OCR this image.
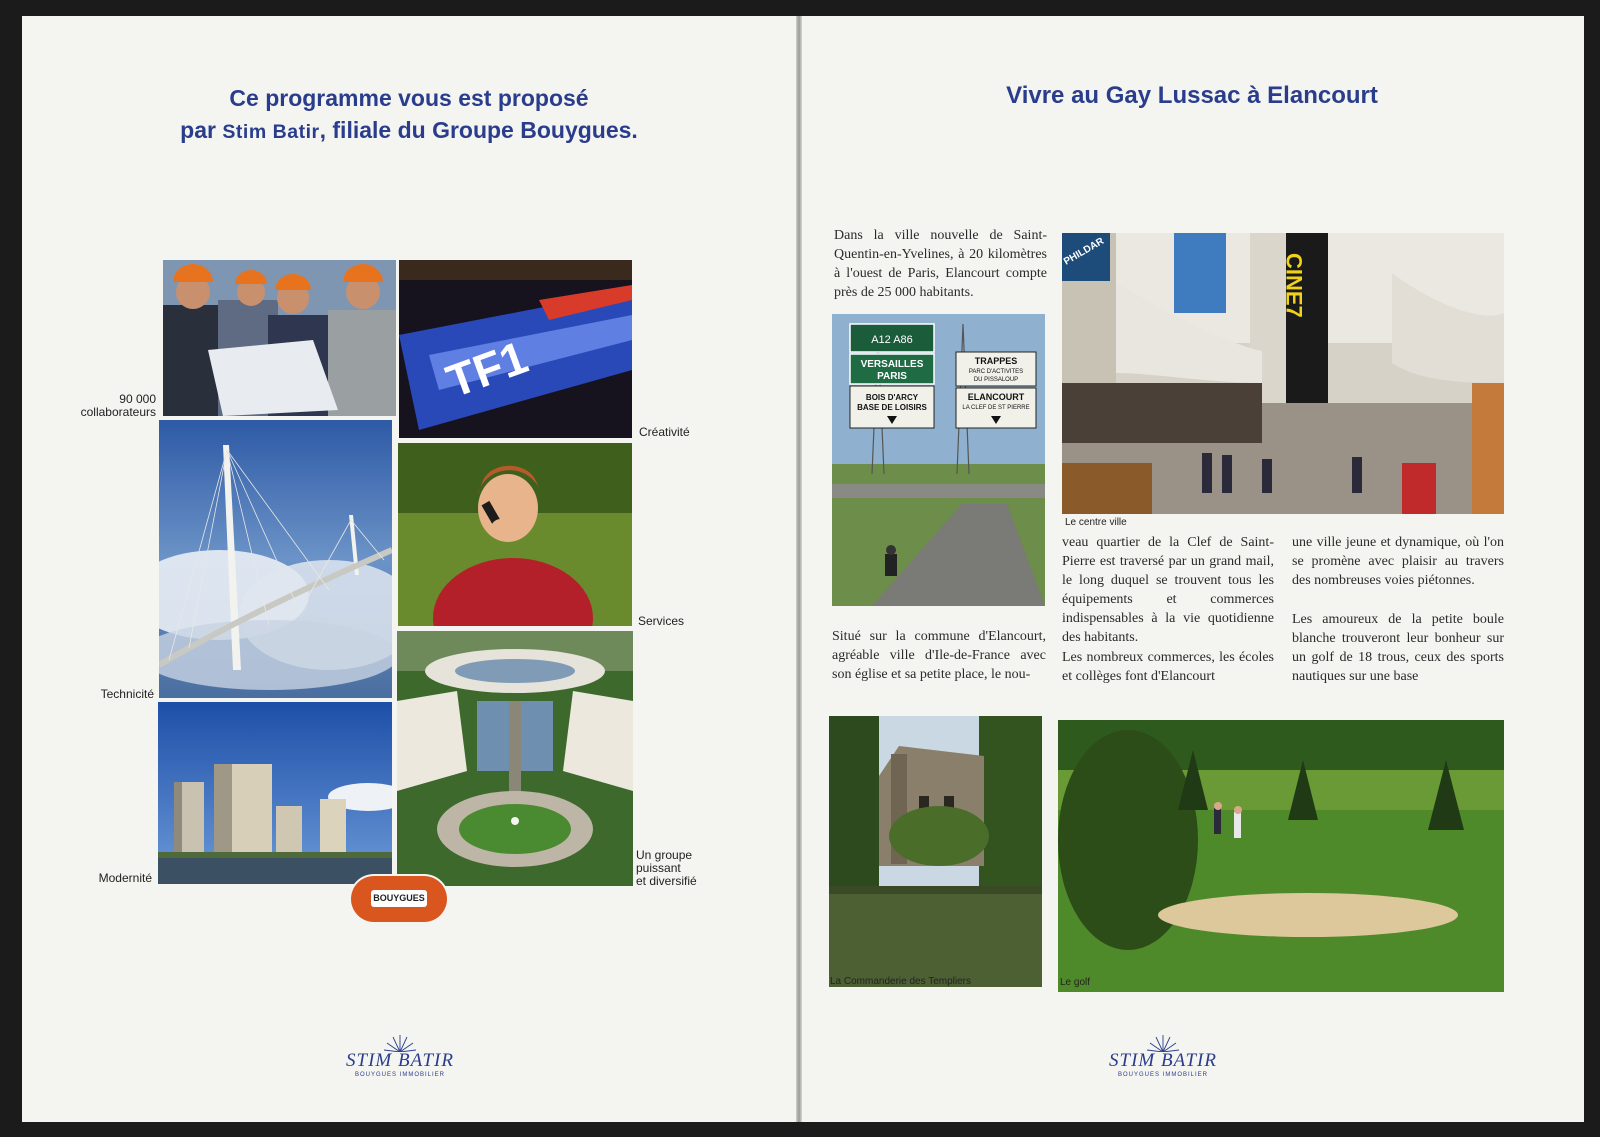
Ce programme vous est proposé
par Stim Batir, filiale du Groupe Bouygues.
TF1
90 000
collaborateurs
Créativité
Technicité
Services
Modernité
Un groupe
puissant
et diversifié
BOUYGUES
STIM BATIR
BOUYGUES IMMOBILIER
Vivre au Gay Lussac à Elancourt

Dans la ville nouvelle de Saint-Quentin-en-Yvelines, à 20 kilomètres à l'ouest de Paris, Elancourt compte près de 25 000 habitants.

A12 A86
VERSAILLES
PARIS
BOIS D'ARCY
BASE DE LOISIRS
TRAPPES
PARC D'ACTIVITES
DU PISSALOUP
ELANCOURT
LA CLEF DE ST PIERRE
PHILDAR
CINE7
Le centre ville

Situé sur la commune d'Elancourt, agréable ville d'Ile-de-France avec son église et sa petite place, le nou-

veau quartier de la Clef de Saint-Pierre est traversé par un grand mail, le long duquel se trouvent tous les équipements et commerces indispensables à la vie quotidienne des habitants.

Les nombreux commerces, les écoles et collèges font d'Elancourt

une ville jeune et dynamique, où l'on se promène avec plaisir au travers des nombreuses voies piétonnes.

Les amoureux de la petite boule blanche trouveront leur bonheur sur un golf de 18 trous, ceux des sports nautiques sur une base

La Commanderie des Templiers	Le golf
STIM BATIR
BOUYGUES IMMOBILIER
